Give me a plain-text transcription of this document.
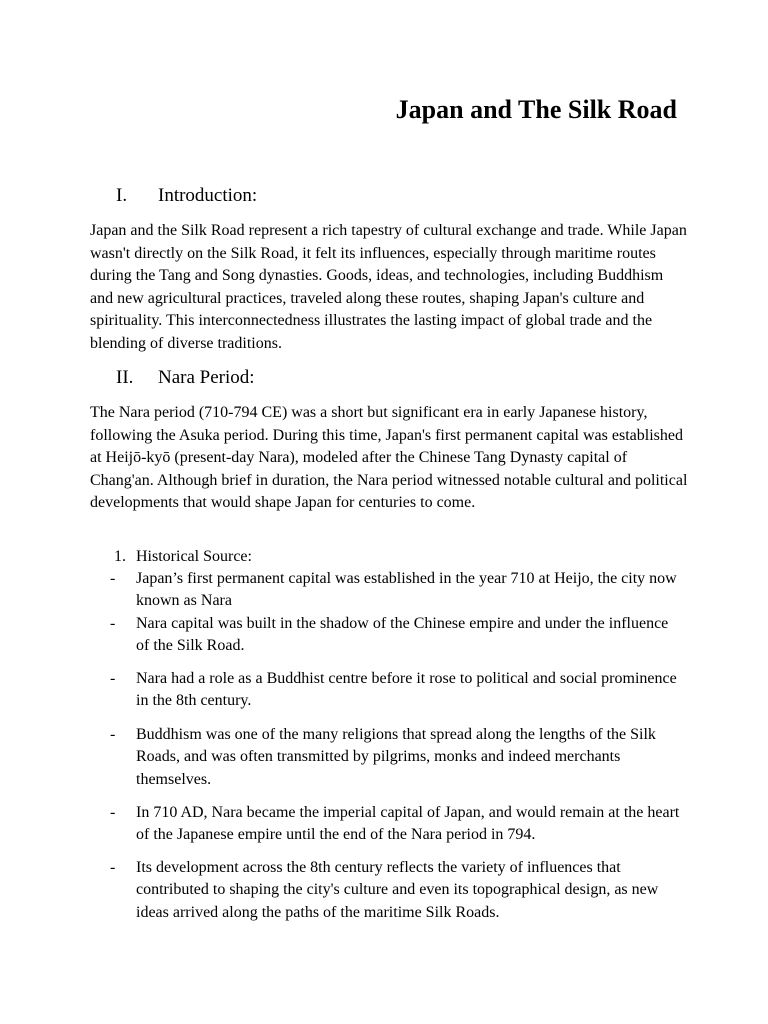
Japan and The Silk Road
I. Introduction:

Japan and the Silk Road represent a rich tapestry of cultural exchange and trade. While Japan wasn't directly on the Silk Road, it felt its influences, especially through maritime routes during the Tang and Song dynasties. Goods, ideas, and technologies, including Buddhism and new agricultural practices, traveled along these routes, shaping Japan's culture and spirituality. This interconnectedness illustrates the lasting impact of global trade and the blending of diverse traditions.

II. Nara Period:

The Nara period (710-794 CE) was a short but significant era in early Japanese history, following the Asuka period. During this time, Japan's first permanent capital was established at Heijō-kyō (present-day Nara), modeled after the Chinese Tang Dynasty capital of Chang'an. Although brief in duration, the Nara period witnessed notable cultural and political developments that would shape Japan for centuries to come.

1. Historical Source:
- Japan’s first permanent capital was established in the year 710 at Heijo, the city now known as Nara
- Nara capital was built in the shadow of the Chinese empire and under the influence of the Silk Road.
- Nara had a role as a Buddhist centre before it rose to political and social prominence in the 8th century.
- Buddhism was one of the many religions that spread along the lengths of the Silk Roads, and was often transmitted by pilgrims, monks and indeed merchants themselves.
- In 710 AD, Nara became the imperial capital of Japan, and would remain at the heart of the Japanese empire until the end of the Nara period in 794.
- Its development across the 8th century reflects the variety of influences that contributed to shaping the city's culture and even its topographical design, as new ideas arrived along the paths of the maritime Silk Roads.
